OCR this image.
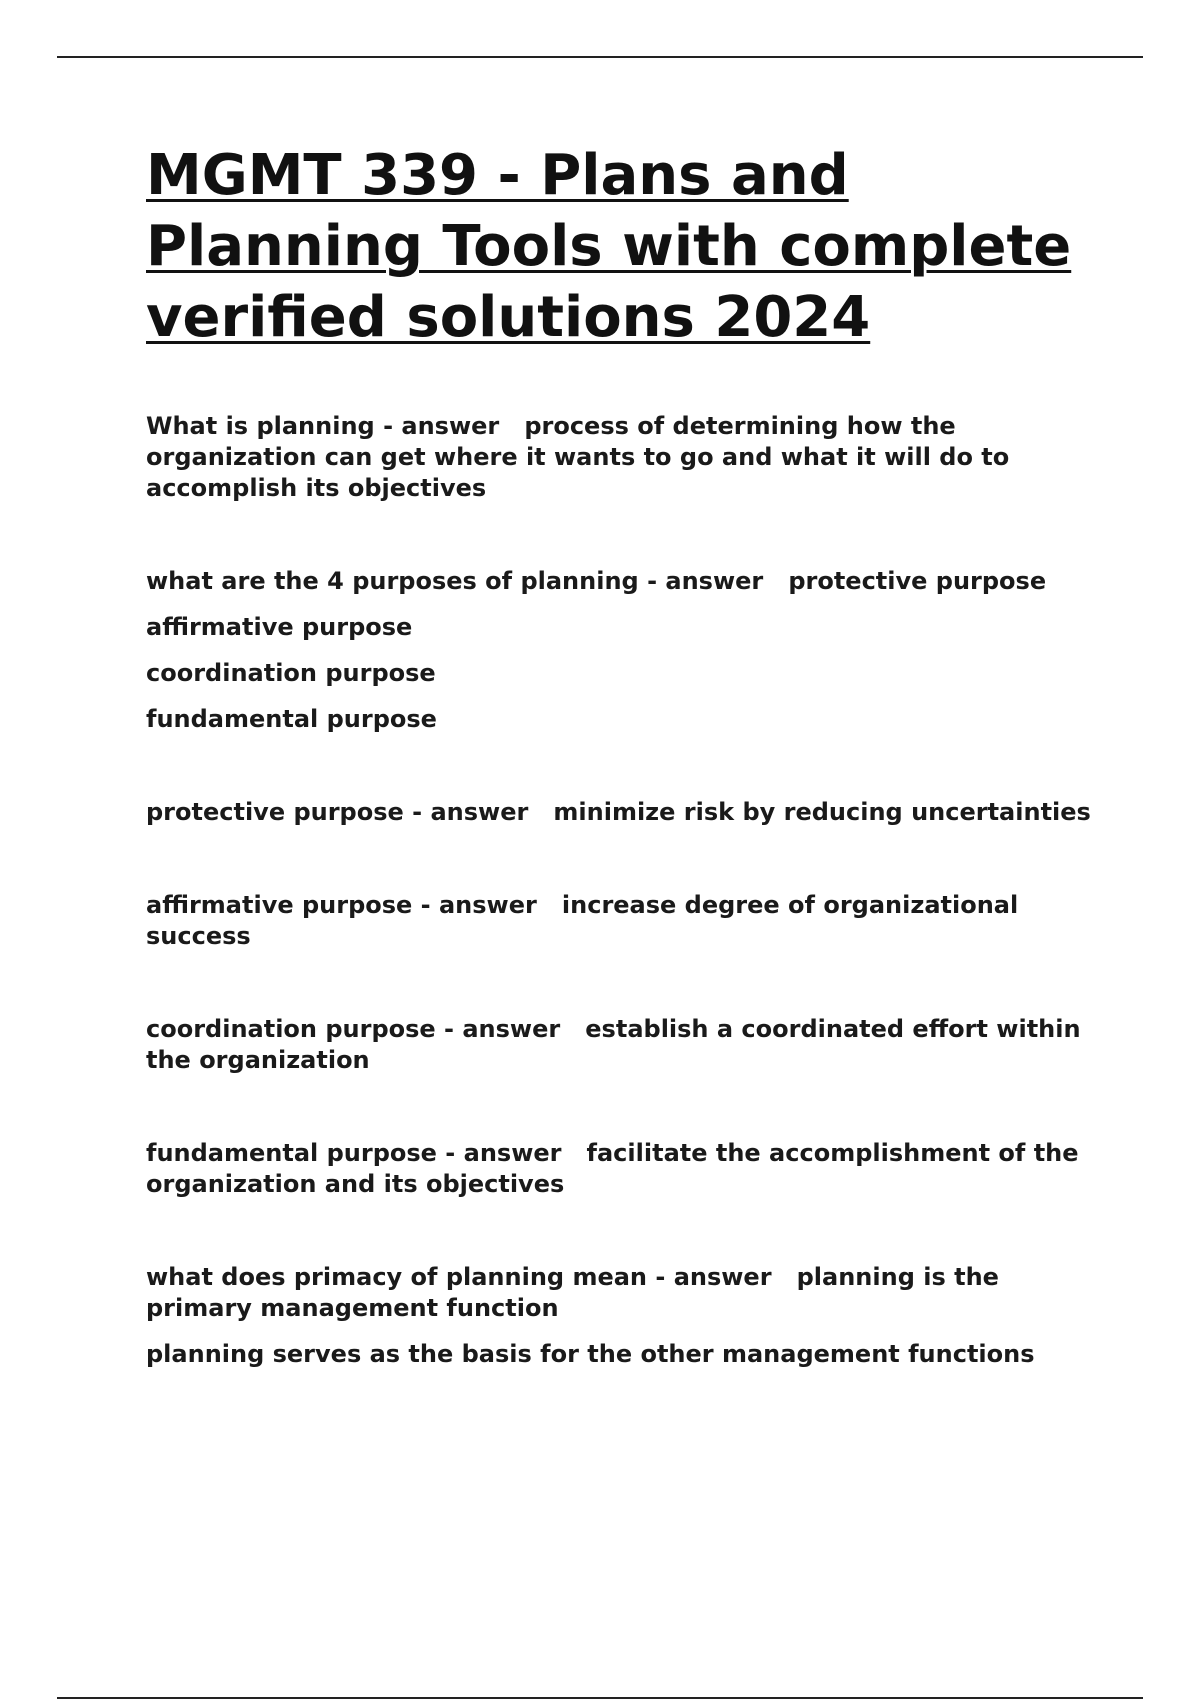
MGMT 339 - Plans and Planning Tools with complete verified solutions 2024
What is planning - answer   process of determining how the organization can get where it wants to go and what it will do to accomplish its objectives
what are the 4 purposes of planning - answer   protective purpose
affirmative purpose
coordination purpose
fundamental purpose
protective purpose - answer   minimize risk by reducing uncertainties
affirmative purpose - answer   increase degree of organizational success
coordination purpose - answer   establish a coordinated effort within the organization
fundamental purpose - answer   facilitate the accomplishment of the organization and its objectives
what does primacy of planning mean - answer   planning is the primary management function
planning serves as the basis for the other management functions
